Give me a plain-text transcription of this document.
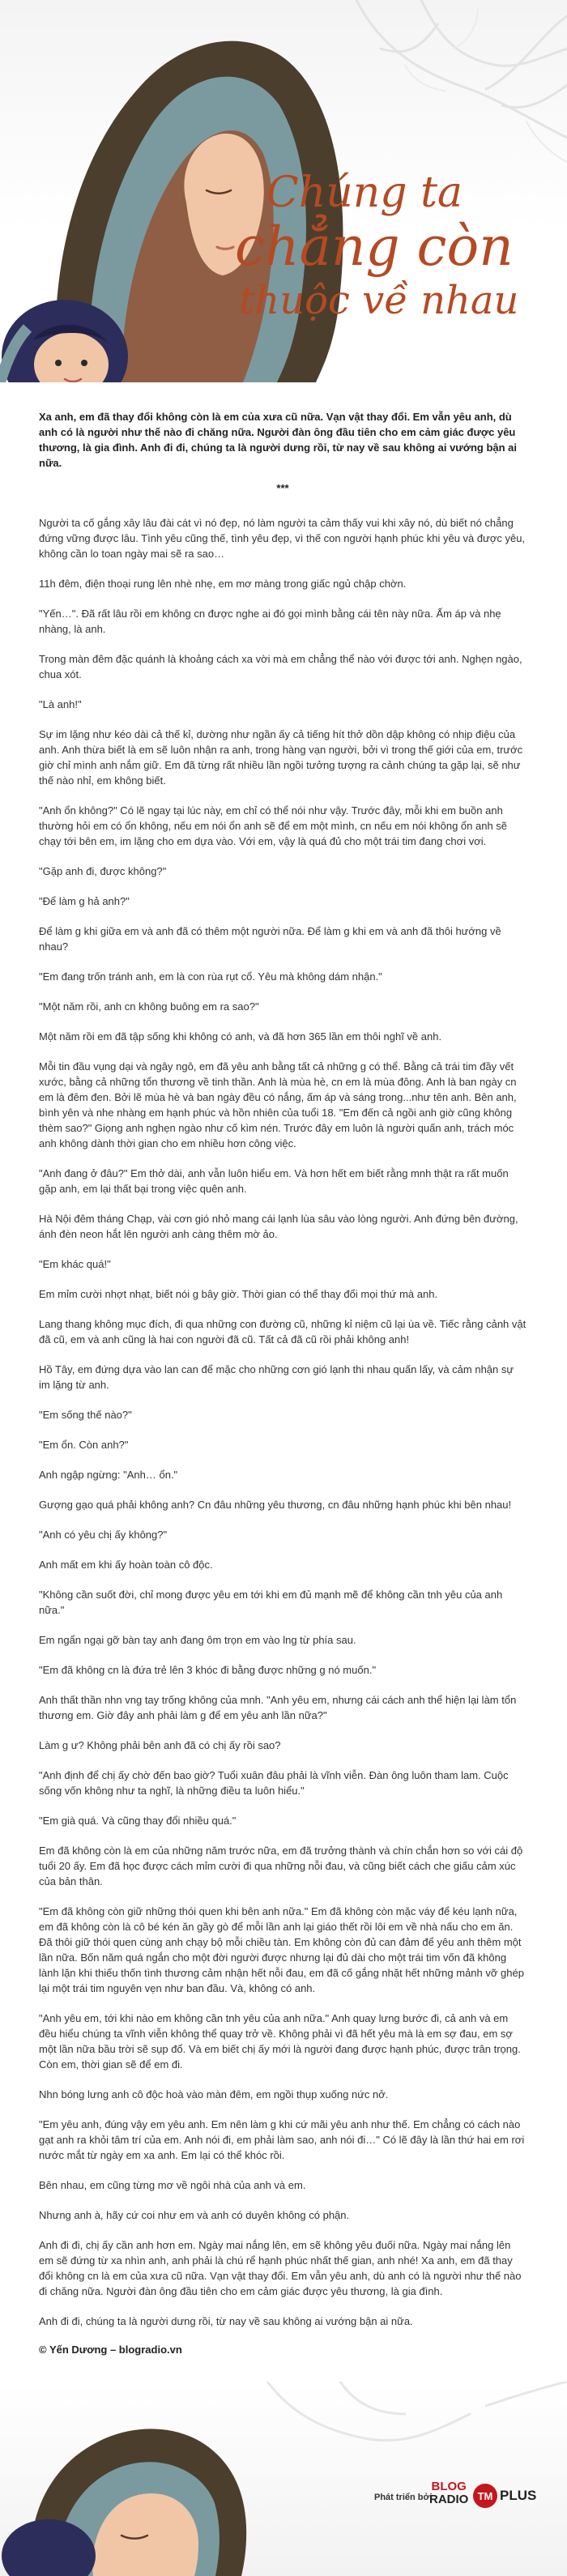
Chúng ta
chẳng còn
thuộc về nhau

Xa anh, em đã thay đổi không còn là em của xưa cũ nữa. Vạn vật thay đổi. Em vẫn yêu anh, dù anh có là người như thế nào đi chăng nữa. Người đàn ông đầu tiên cho em cảm giác được yêu thương, là gia đình. Anh đi đi, chúng ta là người dưng rồi, từ nay về sau không ai vướng bận ai nữa.

***

Người ta cố gắng xây lâu đài cát vì nó đẹp, nó làm người ta cảm thấy vui khi xây nó, dù biết nó chẳng đứng vững được lâu. Tình yêu cũng thế, tình yêu đẹp, vì thế con người hạnh phúc khi yêu và được yêu, không cần lo toan ngày mai sẽ ra sao…

11h đêm, điện thoại rung lên nhè nhẹ, em mơ màng trong giấc ngủ chập chờn.

"Yến…". Đã rất lâu rồi em không cn được nghe ai đó gọi mình bằng cái tên này nữa. Ấm áp và nhẹ nhàng, là anh.

Trong màn đêm đặc quánh là khoảng cách xa vời mà em chẳng thể nào với được tới anh. Nghẹn ngào, chua xót.

"Là anh!"

Sự im lặng như kéo dài cả thế kỉ, dường như ngần ấy cả tiếng hít thở dồn dập không có nhịp điệu của anh. Anh thừa biết là em sẽ luôn nhận ra anh, trong hàng vạn người, bởi vì trong thế giới của em, trước giờ chỉ mình anh nắm giữ. Em đã từng rất nhiều lần ngồi tưởng tượng ra cảnh chúng ta gặp lại, sẽ như thế nào nhỉ, em không biết.

"Anh ổn không?" Có lẽ ngay tại lúc này, em chỉ có thể nói như vậy. Trước đây, mỗi khi em buồn anh thường hỏi em có ổn không, nếu em nói ổn anh sẽ để em một mình, cn nếu em nói không ổn anh sẽ chạy tới bên em, im lặng cho em dựa vào. Với em, vậy là quá đủ cho một trái tim đang chơi vơi.

"Gặp anh đi, được không?"

"Để làm g hả anh?"

Để làm g khi giữa em và anh đã có thêm một người nữa. Để làm g khi em và anh đã thôi hướng về nhau?

"Em đang trốn tránh anh, em là con rùa rụt cổ. Yêu mà không dám nhận."

"Một năm rồi, anh cn không buông em ra sao?"

Một năm rồi em đã tập sống khi không có anh, và đã hơn 365 lần em thôi nghĩ về anh.

Mỗi tin đầu vụng dại và ngây ngô, em đã yêu anh bằng tất cả những g có thể. Bằng cả trái tim đầy vết xước, bằng cả những tổn thương về tinh thần. Anh là mùa hè, cn em là mùa đông. Anh là ban ngày cn em là đêm đen. Bởi lẽ mùa hè và ban ngày đều có nắng, ấm áp và sáng trong...như tên anh. Bên anh, bình yên và nhe nhàng em hạnh phúc và hồn nhiên của tuổi 18. "Em đến cả ngồi anh giờ cũng không thèm sao?" Giọng anh nghẹn ngào như cố kìm nén. Trước đây em luôn là người quấn anh, trách móc anh không dành thời gian cho em nhiều hơn công việc.

"Anh đang ở đâu?" Em thở dài, anh vẫn luôn hiểu em. Và hơn hết em biết rằng mnh thật ra rất muốn gặp anh, em lại thất bại trong việc quên anh.

Hà Nội đêm tháng Chạp, vài cơn gió nhỏ mang cái lạnh lùa sâu vào lòng người. Anh đứng bên đường, ánh đèn neon hắt lên người anh càng thêm mờ ảo.

"Em khác quá!"

Em mỉm cười nhợt nhạt, biết nói g bây giờ. Thời gian có thể thay đổi mọi thứ mà anh.

Lang thang không mục đích, đi qua những con đường cũ, những kỉ niệm cũ lại ùa về. Tiếc rằng cảnh vật đã cũ, em và anh cũng là hai con người đã cũ. Tất cả đã cũ rồi phải không anh!

Hồ Tây, em đứng dựa vào lan can để mặc cho những cơn gió lạnh thi nhau quấn lấy, và cảm nhận sự im lặng từ anh.

"Em sống thế nào?"

"Em ổn. Còn anh?"

Anh ngập ngừng: "Anh… ổn."

Gượng gạo quá phải không anh? Cn đâu những yêu thương, cn đâu những hạnh phúc khi bên nhau!

"Anh có yêu chị ấy không?"

Anh mất em khi ấy hoàn toàn cô độc.

"Không cần suốt đời, chỉ mong được yêu em tới khi em đủ mạnh mẽ để không cần tnh yêu của anh nữa."

Em ngẩn ngại gỡ bàn tay anh đang ôm trọn em vào lng từ phía sau.

"Em đã không cn là đứa trẻ lên 3 khóc đi bằng được những g nó muốn."

Anh thất thần nhn vng tay trống không của mnh. "Anh yêu em, nhưng cái cách anh thể hiện lại làm tổn thương em. Giờ đây anh phải làm g để em yêu anh lần nữa?"

Làm g ư? Không phải bên anh đã có chị ấy rồi sao?

"Anh định để chị ấy chờ đến bao giờ? Tuổi xuân đâu phải là vĩnh viễn. Đàn ông luôn tham lam. Cuộc sống vốn không như ta nghĩ, là những điều ta luôn hiểu."

"Em già quá. Và cũng thay đổi nhiều quá."

Em đã không còn là em của những năm trước nữa, em đã trưởng thành và chín chắn hơn so với cái độ tuổi 20 ấy. Em đã học được cách mỉm cười đi qua những nỗi đau, và cũng biết cách che giấu cảm xúc của bản thân.

"Em đã không còn giữ những thói quen khi bên anh nữa." Em đã không còn mặc váy để kéu lạnh nữa, em đã không còn là cô bé kén ăn gầy gò để mỗi lần anh lại giáo thết rồi lôi em về nhà nấu cho em ăn. Đã thôi giữ thói quen cùng anh chạy bộ mỗi chiều tàn. Em không còn đủ can đảm để yêu anh thêm một lần nữa. Bốn năm quá ngắn cho một đời người được nhưng lại đủ dài cho một trái tim vốn đã không lành lặn khi thiếu thốn tình thương cảm nhận hết nỗi đau, em đã cố gắng nhặt hết những mảnh vỡ ghép lại một trái tim nguyên vẹn như ban đầu. Và, không có anh.

"Anh yêu em, tới khi nào em không cần tnh yêu của anh nữa." Anh quay lưng bước đi, cả anh và em đều hiểu chúng ta vĩnh viễn không thể quay trở về. Không phải vì đã hết yêu mà là em sợ đau, em sợ một lần nữa bầu trời sẽ sụp đổ. Và em biết chị ấy mới là người đang được hạnh phúc, được trân trọng. Còn em, thời gian sẽ để em đi.

Nhn bóng lưng anh cô độc hoà vào màn đêm, em ngồi thụp xuống nức nở.

"Em yêu anh, đúng vậy em yêu anh. Em nên làm g khi cứ mãi yêu anh như thế. Em chẳng có cách nào gạt anh ra khỏi tâm trí của em. Anh nói đi, em phải làm sao, anh nói đi…" Có lẽ đây là lần thứ hai em rơi nước mắt từ ngày em xa anh. Em lại có thể khóc rồi.

Bên nhau, em cũng từng mơ về ngôi nhà của anh và em.

Nhưng anh à, hãy cứ coi như em và anh có duyên không có phận.

Anh đi đi, chị ấy cần anh hơn em. Ngày mai nắng lên, em sẽ không yêu đuối nữa. Ngày mai nắng lên em sẽ đứng từ xa nhìn anh, anh phải là chú rể hạnh phúc nhất thế gian, anh nhé! Xa anh, em đã thay đổi không cn là em của xưa cũ nữa. Vạn vật thay đổi. Em vẫn yêu anh, dù anh có là người như thế nào đi chăng nữa. Người đàn ông đầu tiên cho em cảm giác được yêu thương, là gia đình.

Anh đi đi, chúng ta là người dưng rồi, từ nay về sau không ai vướng bận ai nữa.

© Yến Dương – blogradio.vn

Phát triển bởi
BLOG
RADIO TM PLUS
